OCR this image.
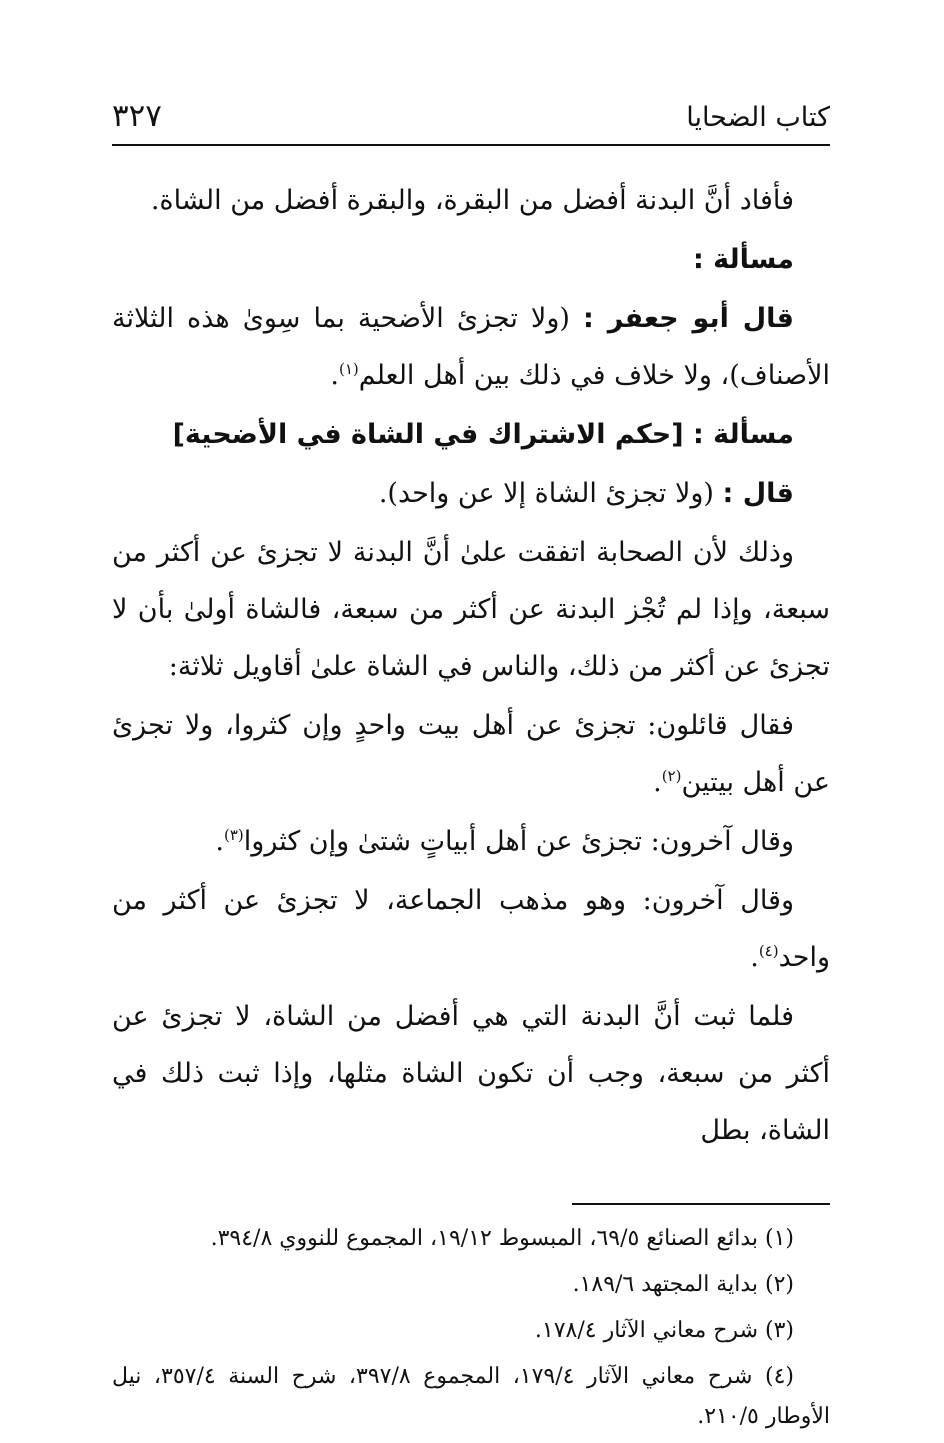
كتاب الضحايا
٣٢٧

فأفاد أنَّ البدنة أفضل من البقرة، والبقرة أفضل من الشاة.

مسألة :

قال أبو جعفر : (ولا تجزئ الأضحية بما سِوىٰ هذه الثلاثة الأصناف)، ولا خلاف في ذلك بين أهل العلم$^{(١)}$.

مسألة : [حكم الاشتراك في الشاة في الأضحية]

قال : (ولا تجزئ الشاة إلا عن واحد).

وذلك لأن الصحابة اتفقت علىٰ أنَّ البدنة لا تجزئ عن أكثر من سبعة، وإذا لم تُجْز البدنة عن أكثر من سبعة، فالشاة أولىٰ بأن لا تجزئ عن أكثر من ذلك، والناس في الشاة علىٰ أقاويل ثلاثة:

فقال قائلون: تجزئ عن أهل بيت واحدٍ وإن كثروا، ولا تجزئ عن أهل بيتين$^{(٢)}$.

وقال آخرون: تجزئ عن أهل أبياتٍ شتىٰ وإن كثروا$^{(٣)}$.

وقال آخرون: وهو مذهب الجماعة، لا تجزئ عن أكثر من واحد$^{(٤)}$.

فلما ثبت أنَّ البدنة التي هي أفضل من الشاة، لا تجزئ عن أكثر من سبعة، وجب أن تكون الشاة مثلها، وإذا ثبت ذلك في الشاة، بطل

(١) بدائع الصنائع ٦٩/٥، المبسوط ١٩/١٢، المجموع للنووي ٣٩٤/٨.

(٢) بداية المجتهد ١٨٩/٦.

(٣) شرح معاني الآثار ١٧٨/٤.

(٤) شرح معاني الآثار ١٧٩/٤، المجموع ٣٩٧/٨، شرح السنة ٣٥٧/٤، نيل الأوطار ٢١٠/٥.
